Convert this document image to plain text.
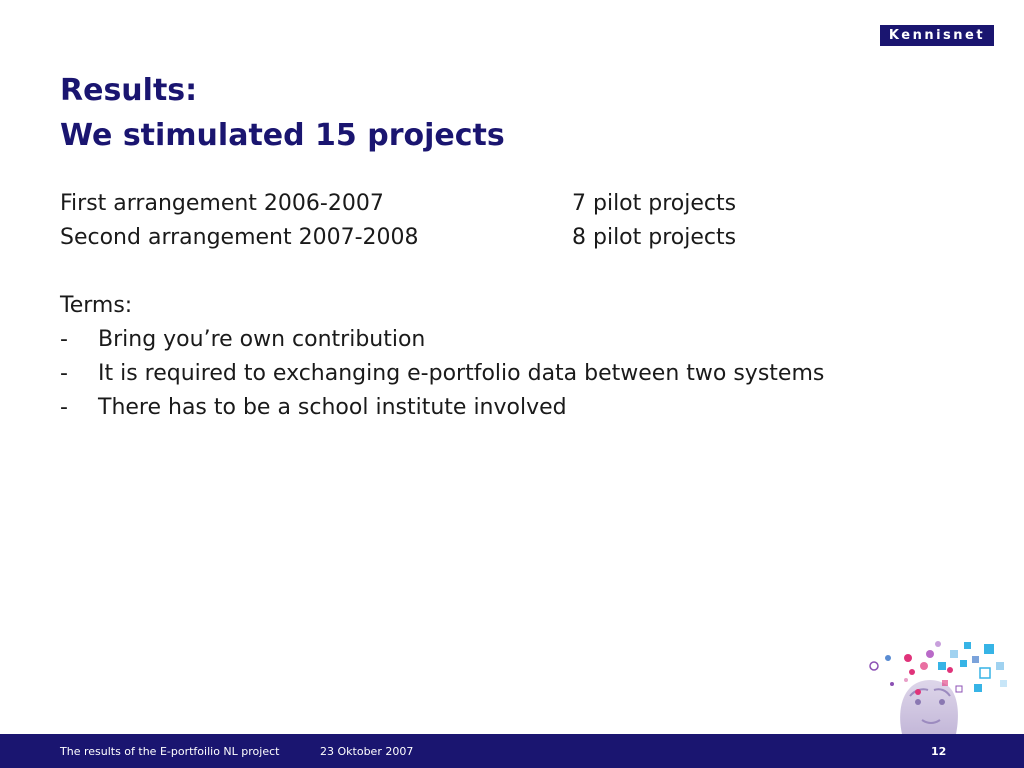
Kennisnet
Results:
We stimulated 15 projects
First arrangement 2006-2007	7 pilot projects
Second arrangement 2007-2008	8 pilot projects
Terms:
- Bring you’re own contribution
- It is required to exchanging e-portfolio data between two systems
- There has to be a school institute involved
The results of the E-portfoilio NL project	23 Oktober 2007	12
